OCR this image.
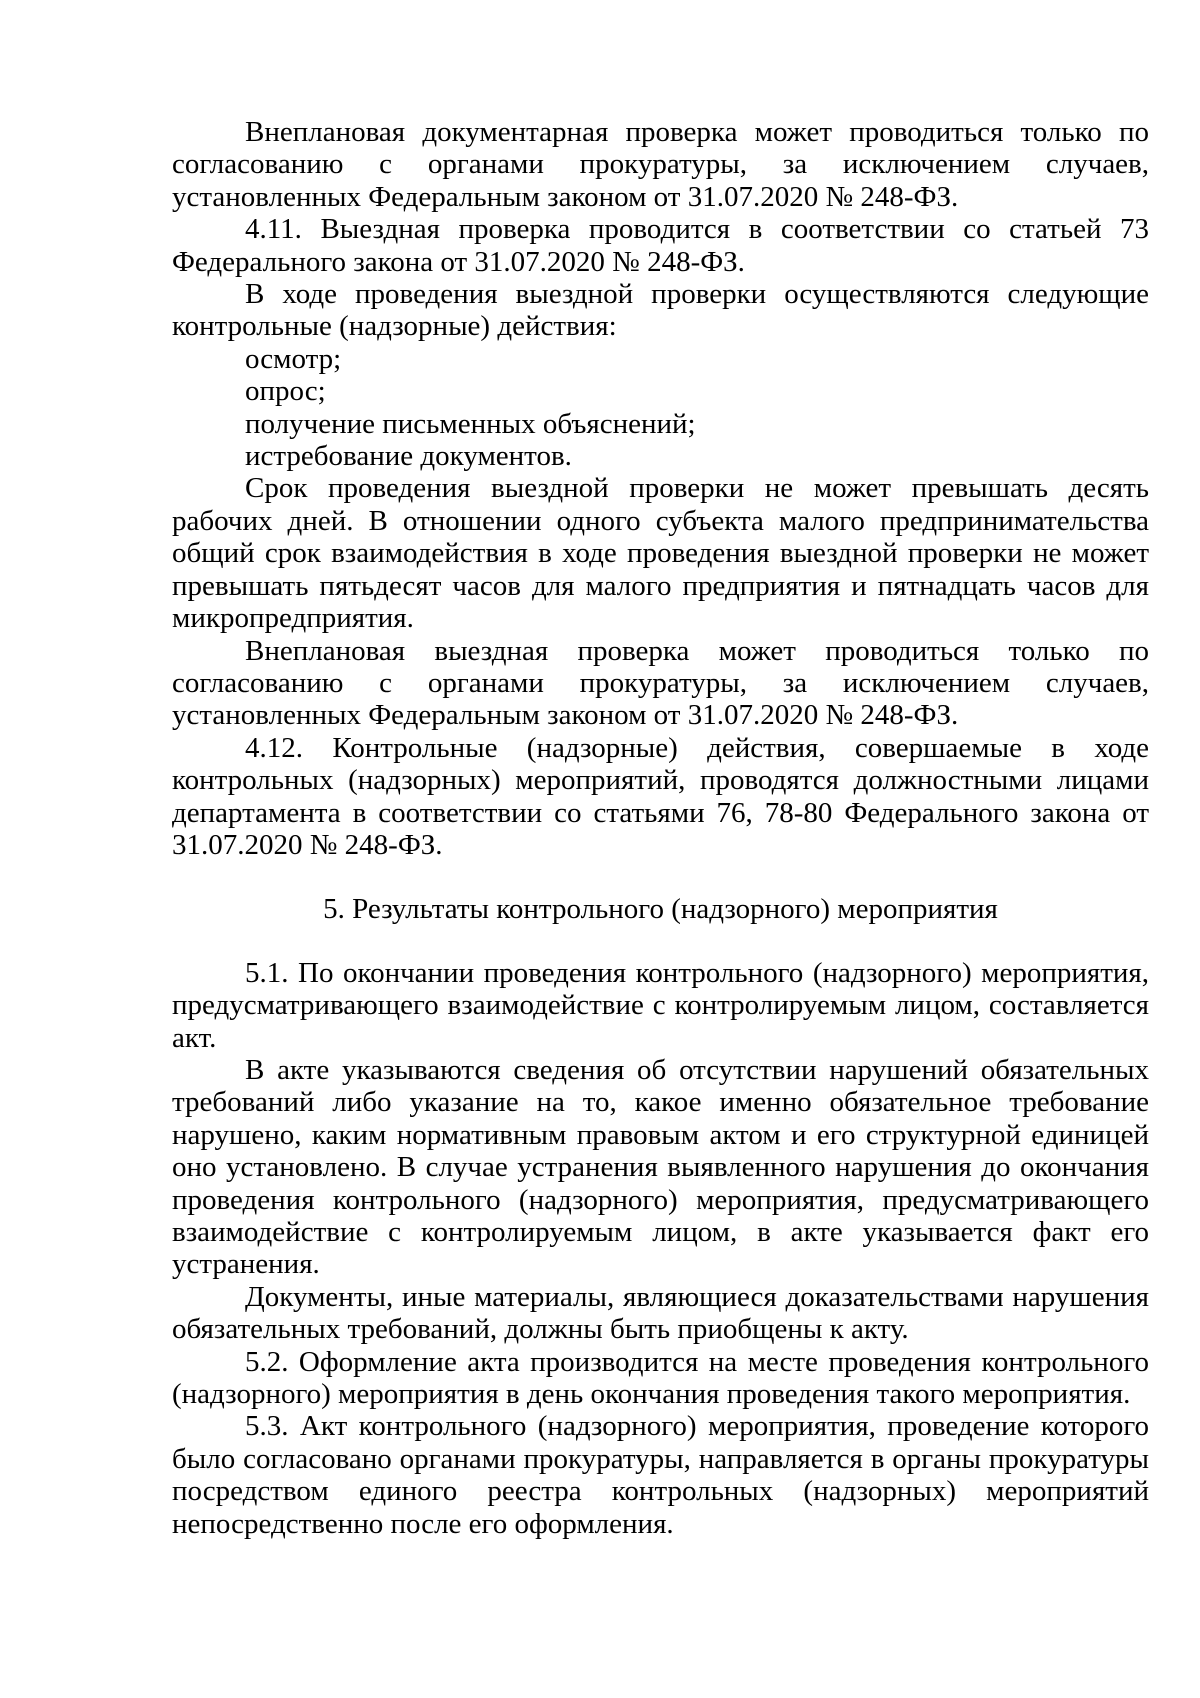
Внеплановая документарная проверка может проводиться только по согласованию с органами прокуратуры, за исключением случаев, установленных Федеральным законом от 31.07.2020 № 248-ФЗ.

4.11. Выездная проверка проводится в соответствии со статьей 73 Федерального закона от 31.07.2020 № 248-ФЗ.

В ходе проведения выездной проверки осуществляются следующие контрольные (надзорные) действия:

осмотр;

опрос;

получение письменных объяснений;

истребование документов.

Срок проведения выездной проверки не может превышать десять рабочих дней. В отношении одного субъекта малого предпринимательства общий срок взаимодействия в ходе проведения выездной проверки не может превышать пятьдесят часов для малого предприятия и пятнадцать часов для микропредприятия.

Внеплановая выездная проверка может проводиться только по согласованию с органами прокуратуры, за исключением случаев, установленных Федеральным законом от 31.07.2020 № 248-ФЗ.

4.12. Контрольные (надзорные) действия, совершаемые в ходе контрольных (надзорных) мероприятий, проводятся должностными лицами департамента в соответствии со статьями 76, 78-80 Федерального закона от 31.07.2020 № 248-ФЗ.

5. Результаты контрольного (надзорного) мероприятия

5.1. По окончании проведения контрольного (надзорного) мероприятия, предусматривающего взаимодействие с контролируемым лицом, составляется акт.

В акте указываются сведения об отсутствии нарушений обязательных требований либо указание на то, какое именно обязательное требование нарушено, каким нормативным правовым актом и его структурной единицей оно установлено. В случае устранения выявленного нарушения до окончания проведения контрольного (надзорного) мероприятия, предусматривающего взаимодействие с контролируемым лицом, в акте указывается факт его устранения.

Документы, иные материалы, являющиеся доказательствами нарушения обязательных требований, должны быть приобщены к акту.

5.2. Оформление акта производится на месте проведения контрольного (надзорного) мероприятия в день окончания проведения такого мероприятия.

5.3. Акт контрольного (надзорного) мероприятия, проведение которого было согласовано органами прокуратуры, направляется в органы прокуратуры посредством единого реестра контрольных (надзорных) мероприятий непосредственно после его оформления.
